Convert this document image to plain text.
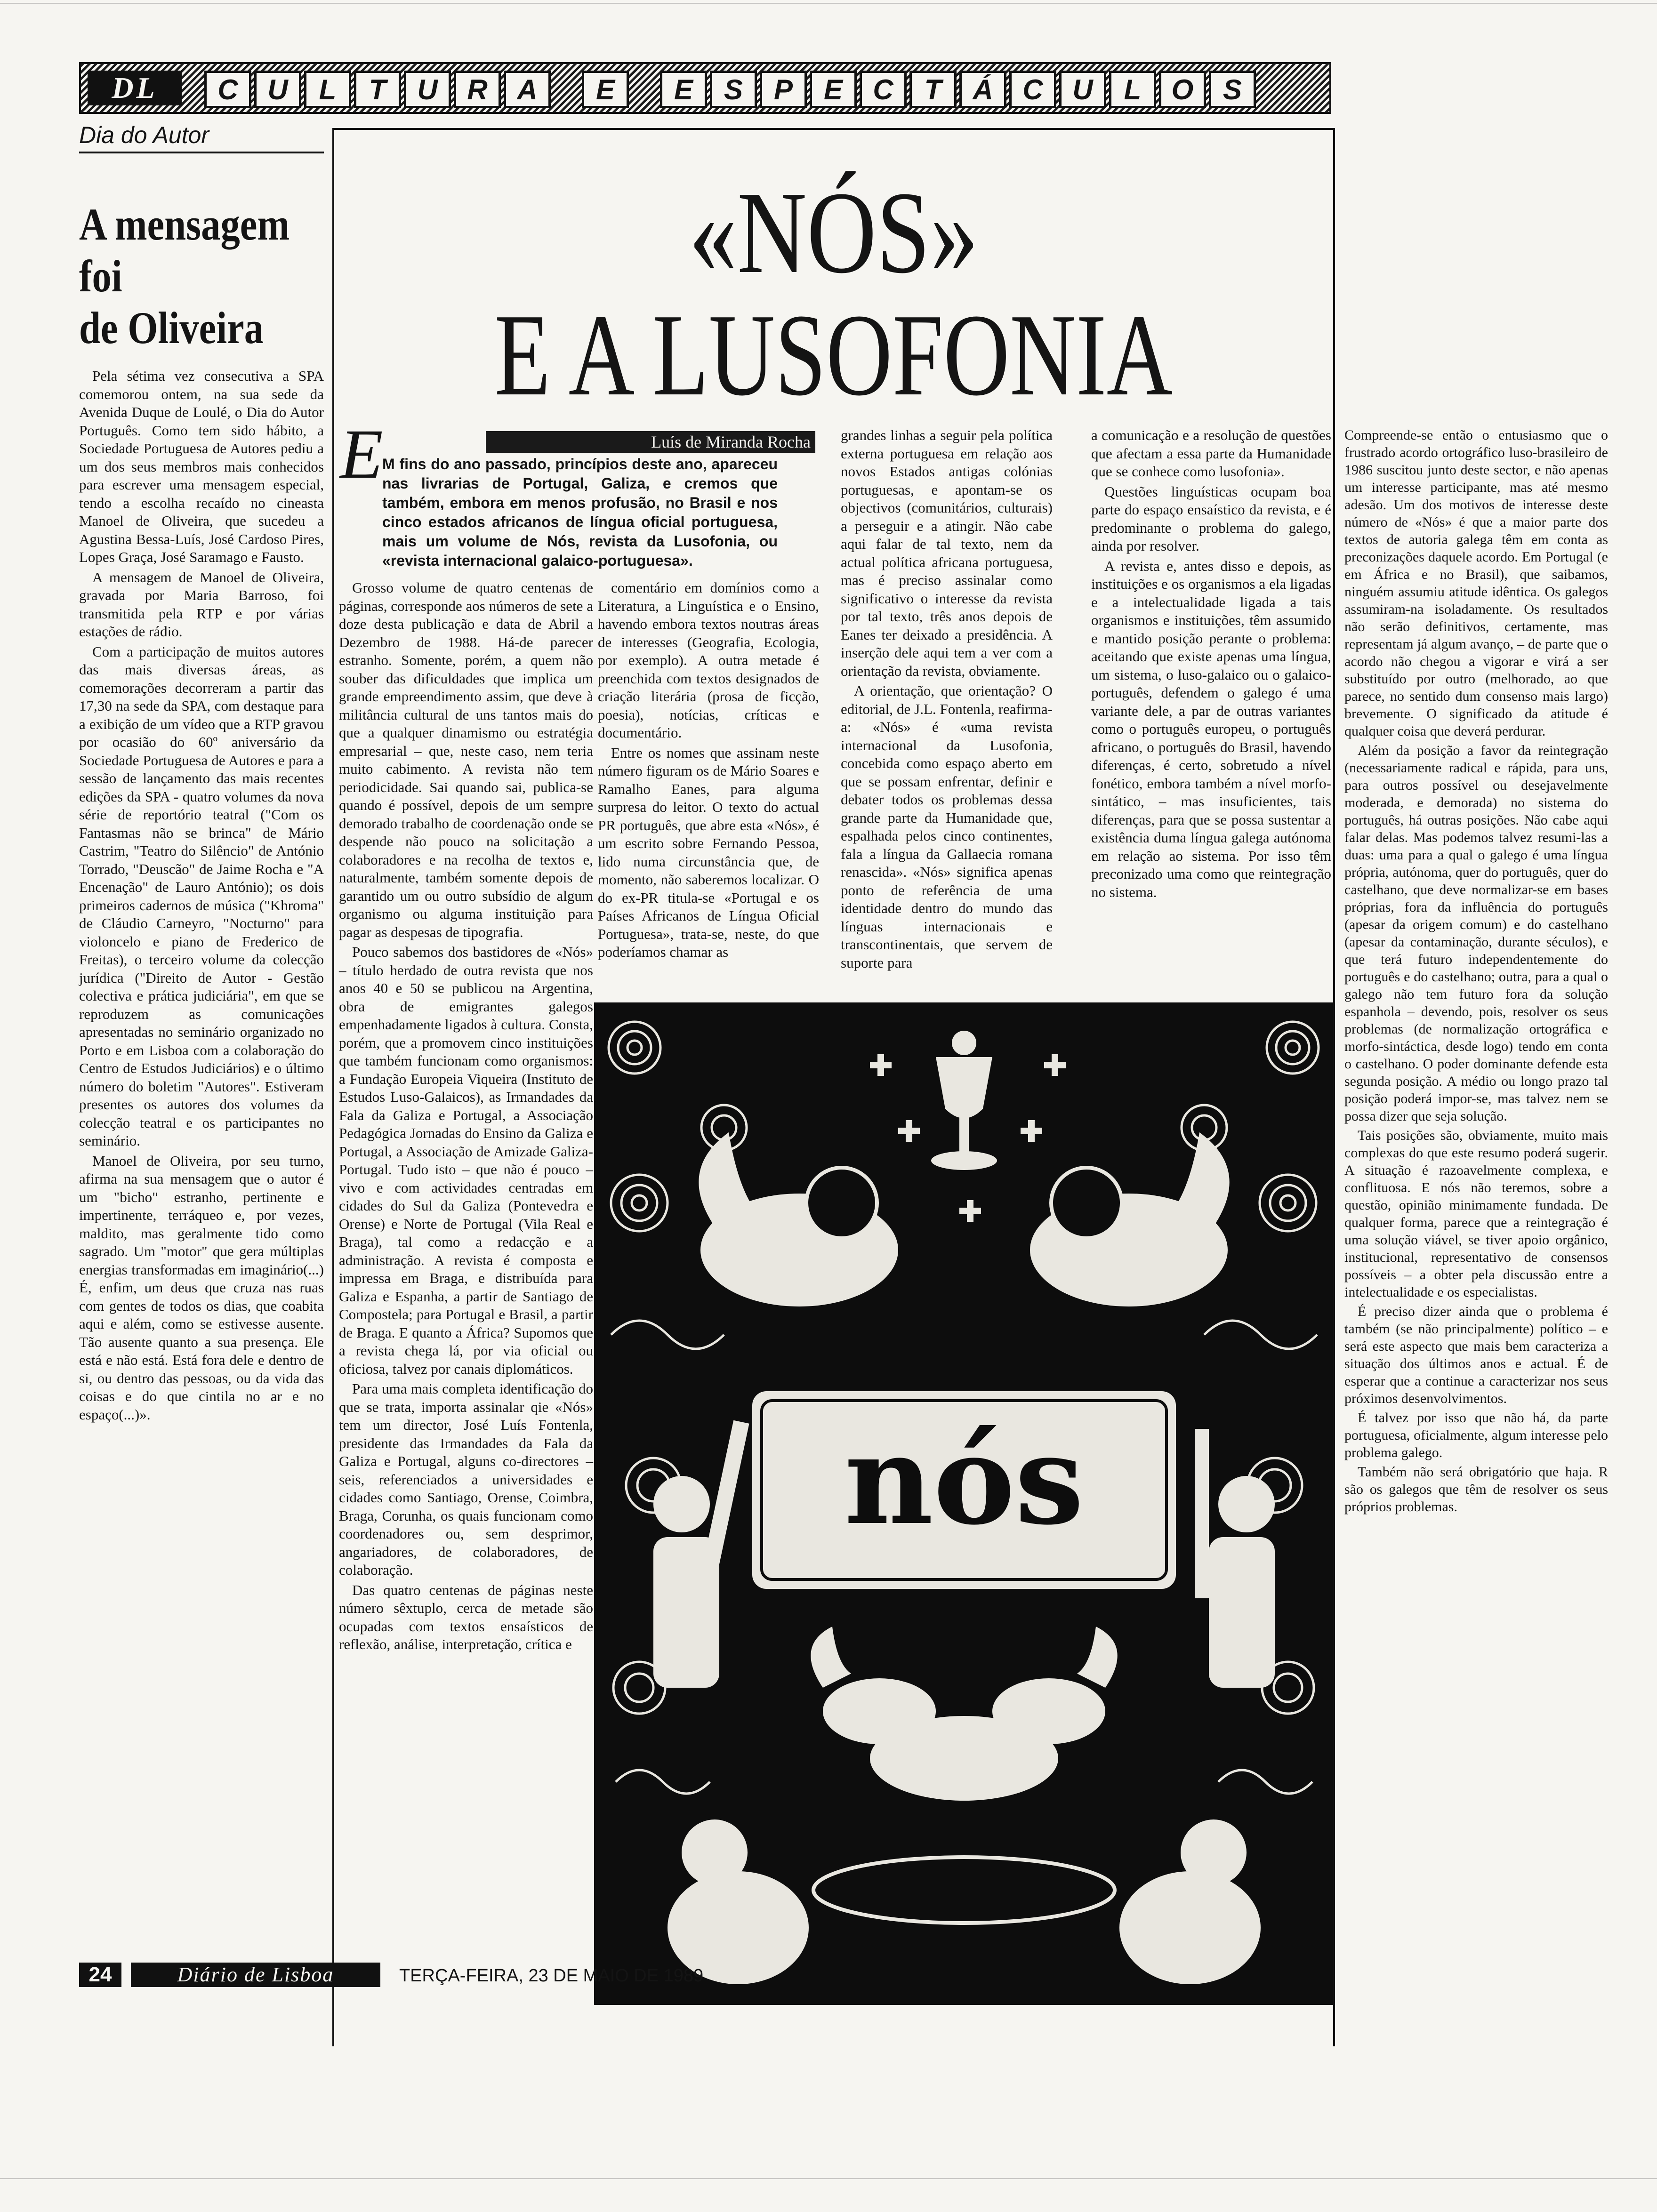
DL	C	U	L	T	U	R	A	E	E	S	P	E	C	T	Á	C	U	L	O	S
Dia do Autor
A mensagem
foi
de Oliveira

Pela sétima vez consecutiva a SPA comemorou ontem, na sua sede da Avenida Duque de Loulé, o Dia do Autor Português. Como tem sido hábito, a Sociedade Portuguesa de Autores pediu a um dos seus membros mais conhecidos para escrever uma mensagem especial, tendo a escolha recaído no cineasta Manoel de Oliveira, que sucedeu a Agustina Bessa-Luís, José Cardoso Pires, Lopes Graça, José Saramago e Fausto.

A mensagem de Manoel de Oliveira, gravada por Maria Barroso, foi transmitida pela RTP e por várias estações de rádio.

Com a participação de muitos autores das mais diversas áreas, as comemorações decorreram a partir das 17,30 na sede da SPA, com destaque para a exibição de um vídeo que a RTP gravou por ocasião do 60º aniversário da Sociedade Portuguesa de Autores e para a sessão de lançamento das mais recentes edições da SPA - quatro volumes da nova série de reportório teatral ("Com os Fantasmas não se brinca" de Mário Castrim, "Teatro do Silêncio" de António Torrado, "Deuscão" de Jaime Rocha e "A Encenação" de Lauro António); os dois primeiros cadernos de música ("Khroma" de Cláudio Carneyro, "Nocturno" para violoncelo e piano de Frederico de Freitas), o terceiro volume da colecção jurídica ("Direito de Autor - Gestão colectiva e prática judiciária", em que se reproduzem as comunicações apresentadas no seminário organizado no Porto e em Lisboa com a colaboração do Centro de Estudos Judiciários) e o último número do boletim "Autores". Estiveram presentes os autores dos volumes da colecção teatral e os participantes no seminário.

Manoel de Oliveira, por seu turno, afirma na sua mensagem que o autor é um "bicho" estranho, pertinente e impertinente, terráqueo e, por vezes, maldito, mas geralmente tido como sagrado. Um "motor" que gera múltiplas energias transformadas em imaginário(...) É, enfim, um deus que cruza nas ruas com gentes de todos os dias, que coabita aqui e além, como se estivesse ausente. Tão ausente quanto a sua presença. Ele está e não está. Está fora dele e dentro de si, ou dentro das pessoas, ou da vida das coisas e do que cintila no ar e no espaço(...)».

«NÓS»
E A LUSOFONIA
E	Luís de Miranda Rocha
M fins do ano passado, princípios deste ano, apareceu nas livrarias de Portugal, Galiza, e cremos que também, embora em menos profusão, no Brasil e nos cinco estados africanos de língua oficial portuguesa, mais um volume de Nós, revista da Lusofonia, ou «revista internacional galaico-portuguesa».

Grosso volume de quatro centenas de páginas, corresponde aos números de sete a doze desta publicação e data de Abril a Dezembro de 1988. Há-de parecer estranho. Somente, porém, a quem não souber das dificuldades que implica um grande empreendimento assim, que deve à militância cultural de uns tantos mais do que a qualquer dinamismo ou estratégia empresarial – que, neste caso, nem teria muito cabimento. A revista não tem periodicidade. Sai quando sai, publica-se quando é possível, depois de um sempre demorado trabalho de coordenação onde se despende não pouco na solicitação a colaboradores e na recolha de textos e, naturalmente, também somente depois de garantido um ou outro subsídio de algum organismo ou alguma instituição para pagar as despesas de tipografia.

Pouco sabemos dos bastidores de «Nós» – título herdado de outra revista que nos anos 40 e 50 se publicou na Argentina, obra de emigrantes galegos empenhadamente ligados à cultura. Consta, porém, que a promovem cinco instituições que também funcionam como organismos: a Fundação Europeia Viqueira (Instituto de Estudos Luso-Galaicos), as Irmandades da Fala da Galiza e Portugal, a Associação Pedagógica Jornadas do Ensino da Galiza e Portugal, a Associação de Amizade Galiza-Portugal. Tudo isto – que não é pouco – vivo e com actividades centradas em cidades do Sul da Galiza (Pontevedra e Orense) e Norte de Portugal (Vila Real e Braga), tal como a redacção e a administração. A revista é composta e impressa em Braga, e distribuída para Galiza e Espanha, a partir de Santiago de Compostela; para Portugal e Brasil, a partir de Braga. E quanto a África? Supomos que a revista chega lá, por via oficial ou oficiosa, talvez por canais diplomáticos.

Para uma mais completa identificação do que se trata, importa assinalar qie «Nós» tem um director, José Luís Fontenla, presidente das Irmandades da Fala da Galiza e Portugal, alguns co-directores – seis, referenciados a universidades e cidades como Santiago, Orense, Coimbra, Braga, Corunha, os quais funcionam como coordenadores ou, sem desprimor, angariadores, de colaboradores, de colaboração.

Das quatro centenas de páginas neste número sêxtuplo, cerca de metade são ocupadas com textos ensaísticos de reflexão, análise, interpretação, crítica e

comentário em domínios como a Literatura, a Linguística e o Ensino, havendo embora textos noutras áreas de interesses (Geografia, Ecologia, por exemplo). A outra metade é preenchida com textos designados de criação literária (prosa de ficção, poesia), notícias, críticas e documentário.

Entre os nomes que assinam neste número figuram os de Mário Soares e Ramalho Eanes, para alguma surpresa do leitor. O texto do actual PR português, que abre esta «Nós», é um escrito sobre Fernando Pessoa, lido numa circunstância que, de momento, não saberemos localizar. O do ex-PR titula-se «Portugal e os Países Africanos de Língua Oficial Portuguesa», trata-se, neste, do que poderíamos chamar as

grandes linhas a seguir pela política externa portuguesa em relação aos novos Estados antigas colónias portuguesas, e apontam-se os objectivos (comunitários, culturais) a perseguir e a atingir. Não cabe aqui falar de tal texto, nem da actual política africana portuguesa, mas é preciso assinalar como significativo o interesse da revista por tal texto, três anos depois de Eanes ter deixado a presidência. A inserção dele aqui tem a ver com a orientação da revista, obviamente.

A orientação, que orientação? O editorial, de J.L. Fontenla, reafirma-a: «Nós» é «uma revista internacional da Lusofonia, concebida como espaço aberto em que se possam enfrentar, definir e debater todos os problemas dessa grande parte da Humanidade que, espalhada pelos cinco continentes, fala a língua da Gallaecia romana renascida». «Nós» significa apenas ponto de referência de uma identidade dentro do mundo das línguas internacionais e transcontinentais, que servem de suporte para

a comunicação e a resolução de questões que afectam a essa parte da Humanidade que se conhece como lusofonia».

Questões linguísticas ocupam boa parte do espaço ensaístico da revista, e é predominante o problema do galego, ainda por resolver.

A revista e, antes disso e depois, as instituições e os organismos a ela ligadas e a intelectualidade ligada a tais organismos e instituições, têm assumido e mantido posição perante o problema: aceitando que existe apenas uma língua, um sistema, o luso-galaico ou o galaico-português, defendem o galego é uma variante dele, a par de outras variantes como o português europeu, o português africano, o português do Brasil, havendo diferenças, é certo, sobretudo a nível fonético, embora também a nível morfo-sintático, – mas insuficientes, tais diferenças, para que se possa sustentar a existência duma língua galega autónoma em relação ao sistema. Por isso têm preconizado uma como que reintegração no sistema.

Compreende-se então o entusiasmo que o frustrado acordo ortográfico luso-brasileiro de 1986 suscitou junto deste sector, e não apenas um interesse participante, mas até mesmo adesão. Um dos motivos de interesse deste número de «Nós» é que a maior parte dos textos de autoria galega têm em conta as preconizações daquele acordo. Em Portugal (e em África e no Brasil), que saibamos, ninguém assumiu atitude idêntica. Os galegos assumiram-na isoladamente. Os resultados não serão definitivos, certamente, mas representam já algum avanço, – de parte que o acordo não chegou a vigorar e virá a ser substituído por outro (melhorado, ao que parece, no sentido dum consenso mais largo) brevemente. O significado da atitude é qualquer coisa que deverá perdurar.

Além da posição a favor da reintegração (necessariamente radical e rápida, para uns, para outros possível ou desejavelmente moderada, e demorada) no sistema do português, há outras posições. Não cabe aqui falar delas. Mas podemos talvez resumi-las a duas: uma para a qual o galego é uma língua própria, autónoma, quer do português, quer do castelhano, que deve normalizar-se em bases próprias, fora da influência do português (apesar da origem comum) e do castelhano (apesar da contaminação, durante séculos), e que terá futuro independentemente do português e do castelhano; outra, para a qual o galego não tem futuro fora da solução espanhola – devendo, pois, resolver os seus problemas (de normalização ortográfica e morfo-sintáctica, desde logo) tendo em conta o castelhano. O poder dominante defende esta segunda posição. A médio ou longo prazo tal posição poderá impor-se, mas talvez nem se possa dizer que seja solução.

Tais posições são, obviamente, muito mais complexas do que este resumo poderá sugerir. A situação é razoavelmente complexa, e conflituosa. E nós não teremos, sobre a questão, opinião minimamente fundada. De qualquer forma, parece que a reintegração é uma solução viável, se tiver apoio orgânico, institucional, representativo de consensos possíveis – a obter pela discussão entre a intelectualidade e os especialistas.

É preciso dizer ainda que o problema é também (se não principalmente) político – e será este aspecto que mais bem caracteriza a situação dos últimos anos e actual. É de esperar que a continue a caracterizar nos seus próximos desenvolvimentos.

É talvez por isso que não há, da parte portuguesa, oficialmente, algum interesse pelo problema galego.

Também não será obrigatório que haja. R são os galegos que têm de resolver os seus próprios problemas.

nós
24	Diário de Lisboa	TERÇA-FEIRA, 23 DE MAIO DE 1989
